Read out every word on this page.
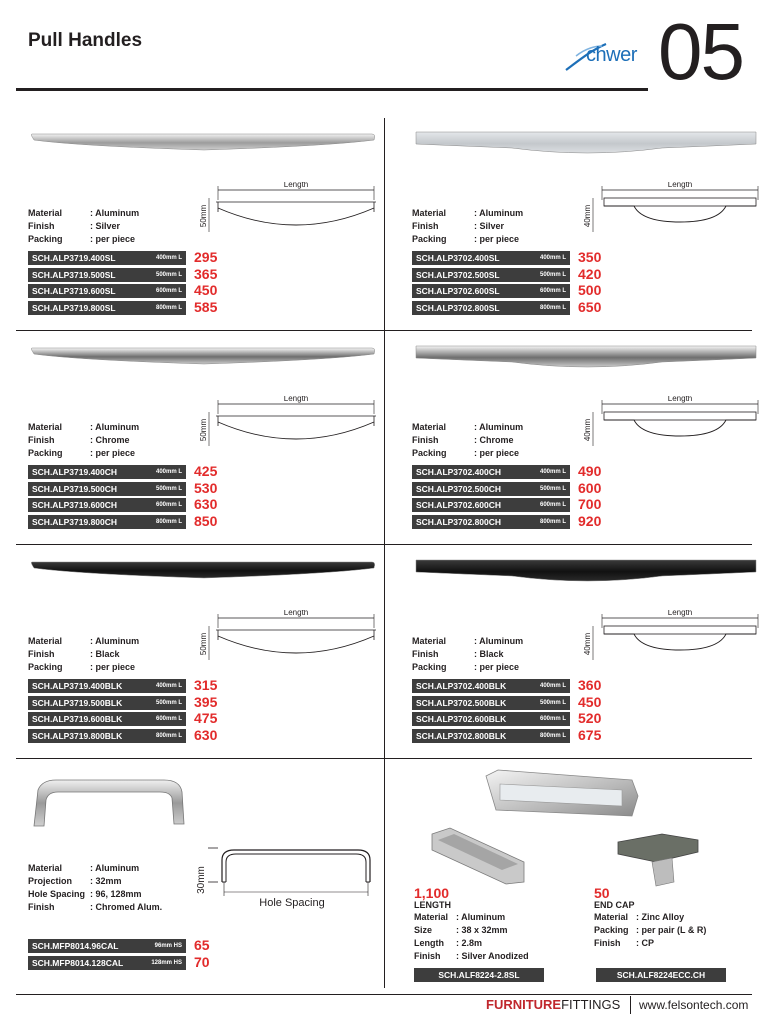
Pull Handles
chwer 05
Material	: Aluminum
Finish	: Silver
Packing	: per piece
Length
50mm
SCH.ALP3719.400SL	400mm L 295
SCH.ALP3719.500SL	500mm L 365
SCH.ALP3719.600SL	600mm L 450
SCH.ALP3719.800SL	800mm L 585
Material	: Aluminum
Finish	: Silver
Packing	: per piece
Length
40mm
SCH.ALP3702.400SL	400mm L 350
SCH.ALP3702.500SL	500mm L 420
SCH.ALP3702.600SL	600mm L 500
SCH.ALP3702.800SL	800mm L 650
Material	: Aluminum
Finish	: Chrome
Packing	: per piece
Length
50mm
SCH.ALP3719.400CH	400mm L 425
SCH.ALP3719.500CH	500mm L 530
SCH.ALP3719.600CH	600mm L 630
SCH.ALP3719.800CH	800mm L 850
Material	: Aluminum
Finish	: Chrome
Packing	: per piece
Length
40mm
SCH.ALP3702.400CH	400mm L 490
SCH.ALP3702.500CH	500mm L 600
SCH.ALP3702.600CH	600mm L 700
SCH.ALP3702.800CH	800mm L 920
Material	: Aluminum
Finish	: Black
Packing	: per piece
Length
50mm
SCH.ALP3719.400BLK	400mm L 315
SCH.ALP3719.500BLK	500mm L 395
SCH.ALP3719.600BLK	600mm L 475
SCH.ALP3719.800BLK	800mm L 630
Material	: Aluminum
Finish	: Black
Packing	: per piece
Length
40mm
SCH.ALP3702.400BLK	400mm L 360
SCH.ALP3702.500BLK	500mm L 450
SCH.ALP3702.600BLK	600mm L 520
SCH.ALP3702.800BLK	800mm L 675
Material	: Aluminum
Projection	: 32mm
Hole Spacing : 96, 128mm
Finish	: Chromed Alum.
30mm
Hole Spacing
SCH.MFP8014.96CAL	96mm HS 65
SCH.MFP8014.128CAL	128mm HS 70
1,100
LENGTH
Material : Aluminum
Size	: 38 x 32mm
Length	: 2.8m
Finish	: Silver Anodized
SCH.ALF8224-2.8SL
50
END CAP
Material : Zinc Alloy
Packing : per pair (L & R)
Finish	: CP
SCH.ALF8224ECC.CH
FURNITUREFITTINGS www.felsontech.com
